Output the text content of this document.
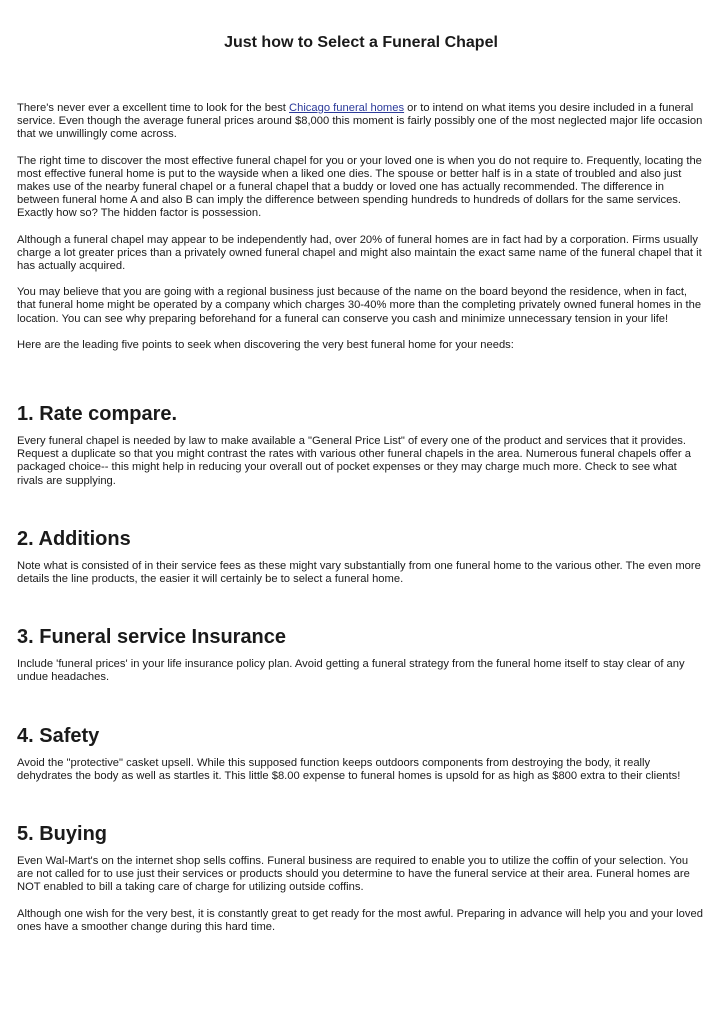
Just how to Select a Funeral Chapel

There's never ever a excellent time to look for the best Chicago funeral homes or to intend on what items you desire included in a funeral service. Even though the average funeral prices around $8,000 this moment is fairly possibly one of the most neglected major life occasion that we unwillingly come across.

The right time to discover the most effective funeral chapel for you or your loved one is when you do not require to. Frequently, locating the most effective funeral home is put to the wayside when a liked one dies. The spouse or better half is in a state of troubled and also just makes use of the nearby funeral chapel or a funeral chapel that a buddy or loved one has actually recommended. The difference in between funeral home A and also B can imply the difference between spending hundreds to hundreds of dollars for the same services. Exactly how so? The hidden factor is possession.

Although a funeral chapel may appear to be independently had, over 20% of funeral homes are in fact had by a corporation. Firms usually charge a lot greater prices than a privately owned funeral chapel and might also maintain the exact same name of the funeral chapel that it has actually acquired.

You may believe that you are going with a regional business just because of the name on the board beyond the residence, when in fact, that funeral home might be operated by a company which charges 30-40% more than the completing privately owned funeral homes in the location. You can see why preparing beforehand for a funeral can conserve you cash and minimize unnecessary tension in your life!

Here are the leading five points to seek when discovering the very best funeral home for your needs:

1. Rate compare.

Every funeral chapel is needed by law to make available a "General Price List" of every one of the product and services that it provides. Request a duplicate so that you might contrast the rates with various other funeral chapels in the area. Numerous funeral chapels offer a packaged choice-- this might help in reducing your overall out of pocket expenses or they may charge much more. Check to see what rivals are supplying.

2. Additions

Note what is consisted of in their service fees as these might vary substantially from one funeral home to the various other. The even more details the line products, the easier it will certainly be to select a funeral home.

3. Funeral service Insurance

Include 'funeral prices' in your life insurance policy plan. Avoid getting a funeral strategy from the funeral home itself to stay clear of any undue headaches.

4. Safety

Avoid the "protective" casket upsell. While this supposed function keeps outdoors components from destroying the body, it really dehydrates the body as well as startles it. This little $8.00 expense to funeral homes is upsold for as high as $800 extra to their clients!

5. Buying

Even Wal-Mart's on the internet shop sells coffins. Funeral business are required to enable you to utilize the coffin of your selection. You are not called for to use just their services or products should you determine to have the funeral service at their area. Funeral homes are NOT enabled to bill a taking care of charge for utilizing outside coffins.

Although one wish for the very best, it is constantly great to get ready for the most awful. Preparing in advance will help you and your loved ones have a smoother change during this hard time.
